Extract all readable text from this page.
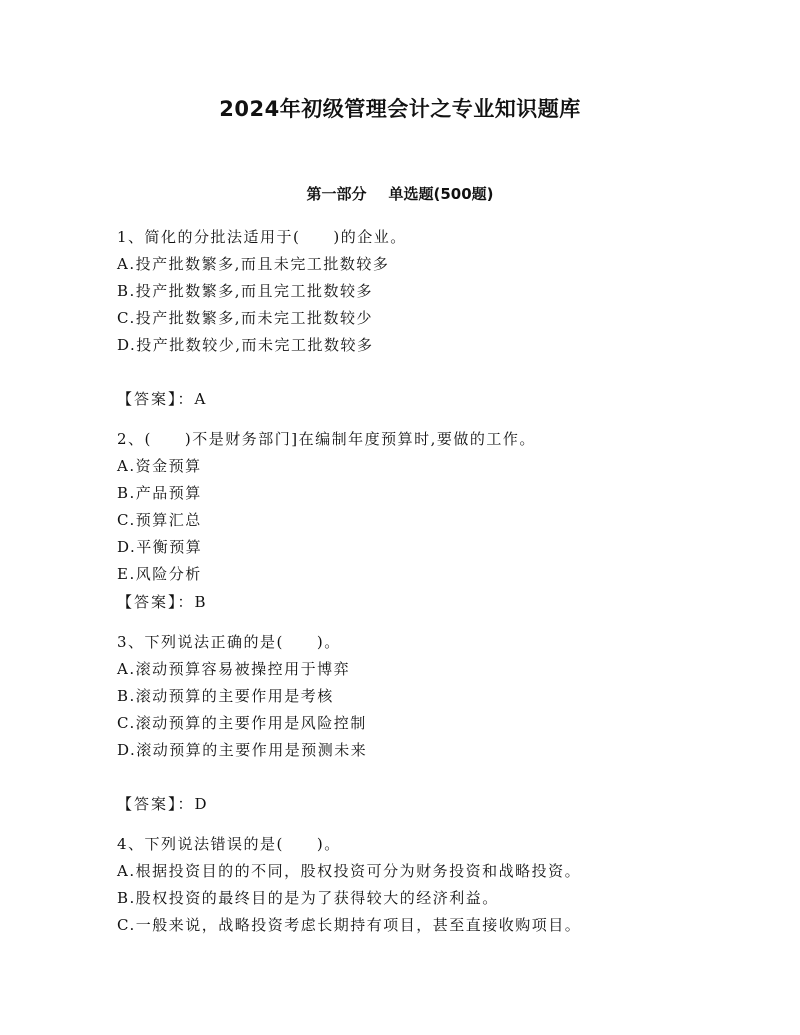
2024年初级管理会计之专业知识题库
第一部分 单选题(500题)
1、简化的分批法适用于(　　)的企业。
A.投产批数繁多,而且未完工批数较多
B.投产批数繁多,而且完工批数较多
C.投产批数繁多,而未完工批数较少
D.投产批数较少,而未完工批数较多
【答案】：A
2、(　　)不是财务部门]在编制年度预算时,要做的工作。
A.资金预算
B.产品预算
C.预算汇总
D.平衡预算
E.风险分析
【答案】：B
3、下列说法正确的是(　　)。
A.滚动预算容易被操控用于博弈
B.滚动预算的主要作用是考核
C.滚动预算的主要作用是风险控制
D.滚动预算的主要作用是预测未来
【答案】：D
4、下列说法错误的是(　　)。
A.根据投资目的的不同，股权投资可分为财务投资和战略投资。
B.股权投资的最终目的是为了获得较大的经济利益。
C.一般来说，战略投资考虑长期持有项目，甚至直接收购项目。
